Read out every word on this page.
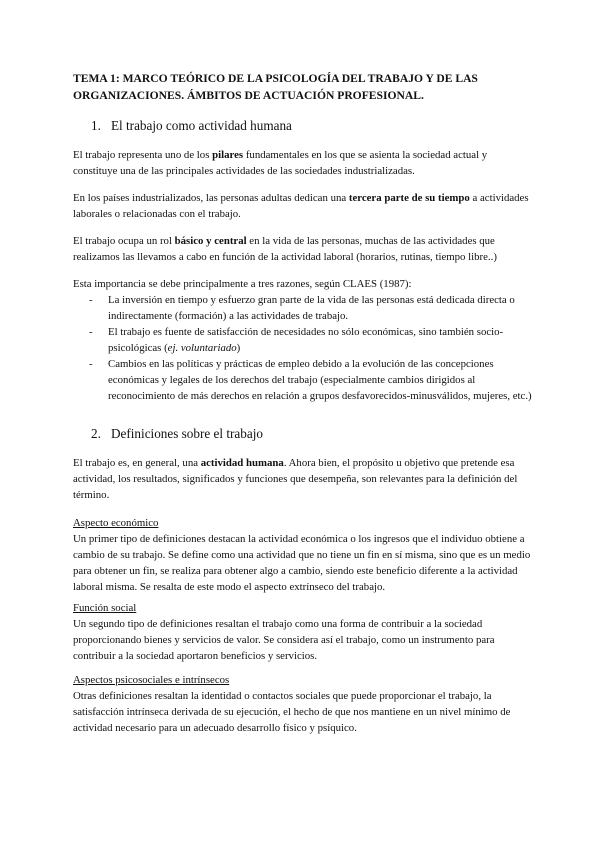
TEMA 1: MARCO TEÓRICO DE LA PSICOLOGÍA DEL TRABAJO Y DE LAS ORGANIZACIONES. ÁMBITOS DE ACTUACIÓN PROFESIONAL.

1. El trabajo como actividad humana

El trabajo representa uno de los pilares fundamentales en los que se asienta la sociedad actual y constituye una de las principales actividades de las sociedades industrializadas.

En los países industrializados, las personas adultas dedican una tercera parte de su tiempo a actividades laborales o relacionadas con el trabajo.

El trabajo ocupa un rol básico y central en la vida de las personas, muchas de las actividades que realizamos las llevamos a cabo en función de la actividad laboral (horarios, rutinas, tiempo libre..)

Esta importancia se debe principalmente a tres razones, según CLAES (1987):

- La inversión en tiempo y esfuerzo gran parte de la vida de las personas está dedicada directa o indirectamente (formación) a las actividades de trabajo.
- El trabajo es fuente de satisfacción de necesidades no sólo económicas, sino también socio-psicológicas (ej. voluntariado)
- Cambios en las políticas y prácticas de empleo debido a la evolución de las concepciones económicas y legales de los derechos del trabajo (especialmente cambios dirigidos al reconocimiento de más derechos en relación a grupos desfavorecidos-minusválidos, mujeres, etc.)

2. Definiciones sobre el trabajo

El trabajo es, en general, una actividad humana. Ahora bien, el propósito u objetivo que pretende esa actividad, los resultados, significados y funciones que desempeña, son relevantes para la definición del término.

Aspecto económico

Un primer tipo de definiciones destacan la actividad económica o los ingresos que el individuo obtiene a cambio de su trabajo. Se define como una actividad que no tiene un fin en sí misma, sino que es un medio para obtener un fin, se realiza para obtener algo a cambio, siendo este beneficio diferente a la actividad laboral misma. Se resalta de este modo el aspecto extrínseco del trabajo.

Función social

Un segundo tipo de definiciones resaltan el trabajo como una forma de contribuir a la sociedad proporcionando bienes y servicios de valor. Se considera así el trabajo, como un instrumento para contribuir a la sociedad aportaron beneficios y servicios.

Aspectos psicosociales e intrínsecos

Otras definiciones resaltan la identidad o contactos sociales que puede proporcionar el trabajo, la satisfacción intrínseca derivada de su ejecución, el hecho de que nos mantiene en un nivel mínimo de actividad necesario para un adecuado desarrollo físico y psíquico.
